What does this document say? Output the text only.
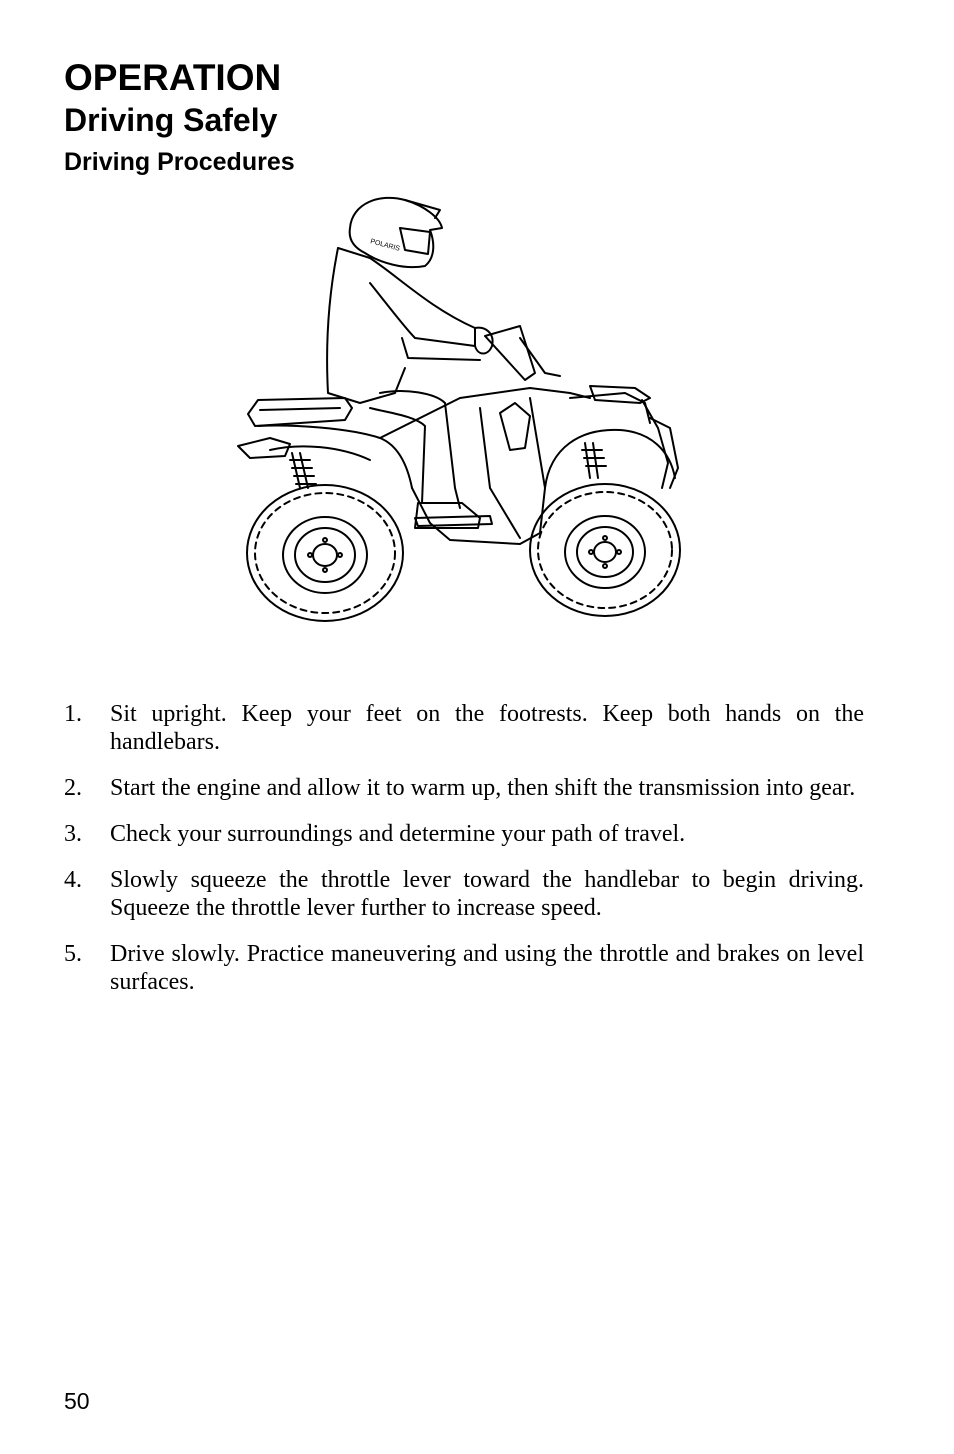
OPERATION
Driving Safely
Driving Procedures
POLARIS
1. Sit upright. Keep your feet on the footrests. Keep both hands on the handlebars.
2. Start the engine and allow it to warm up, then shift the transmission into gear.
3. Check your surroundings and determine your path of travel.
4. Slowly squeeze the throttle lever toward the handlebar to begin driving. Squeeze the throttle lever further to increase speed.
5. Drive slowly. Practice maneuvering and using the throttle and brakes on level surfaces.
50
